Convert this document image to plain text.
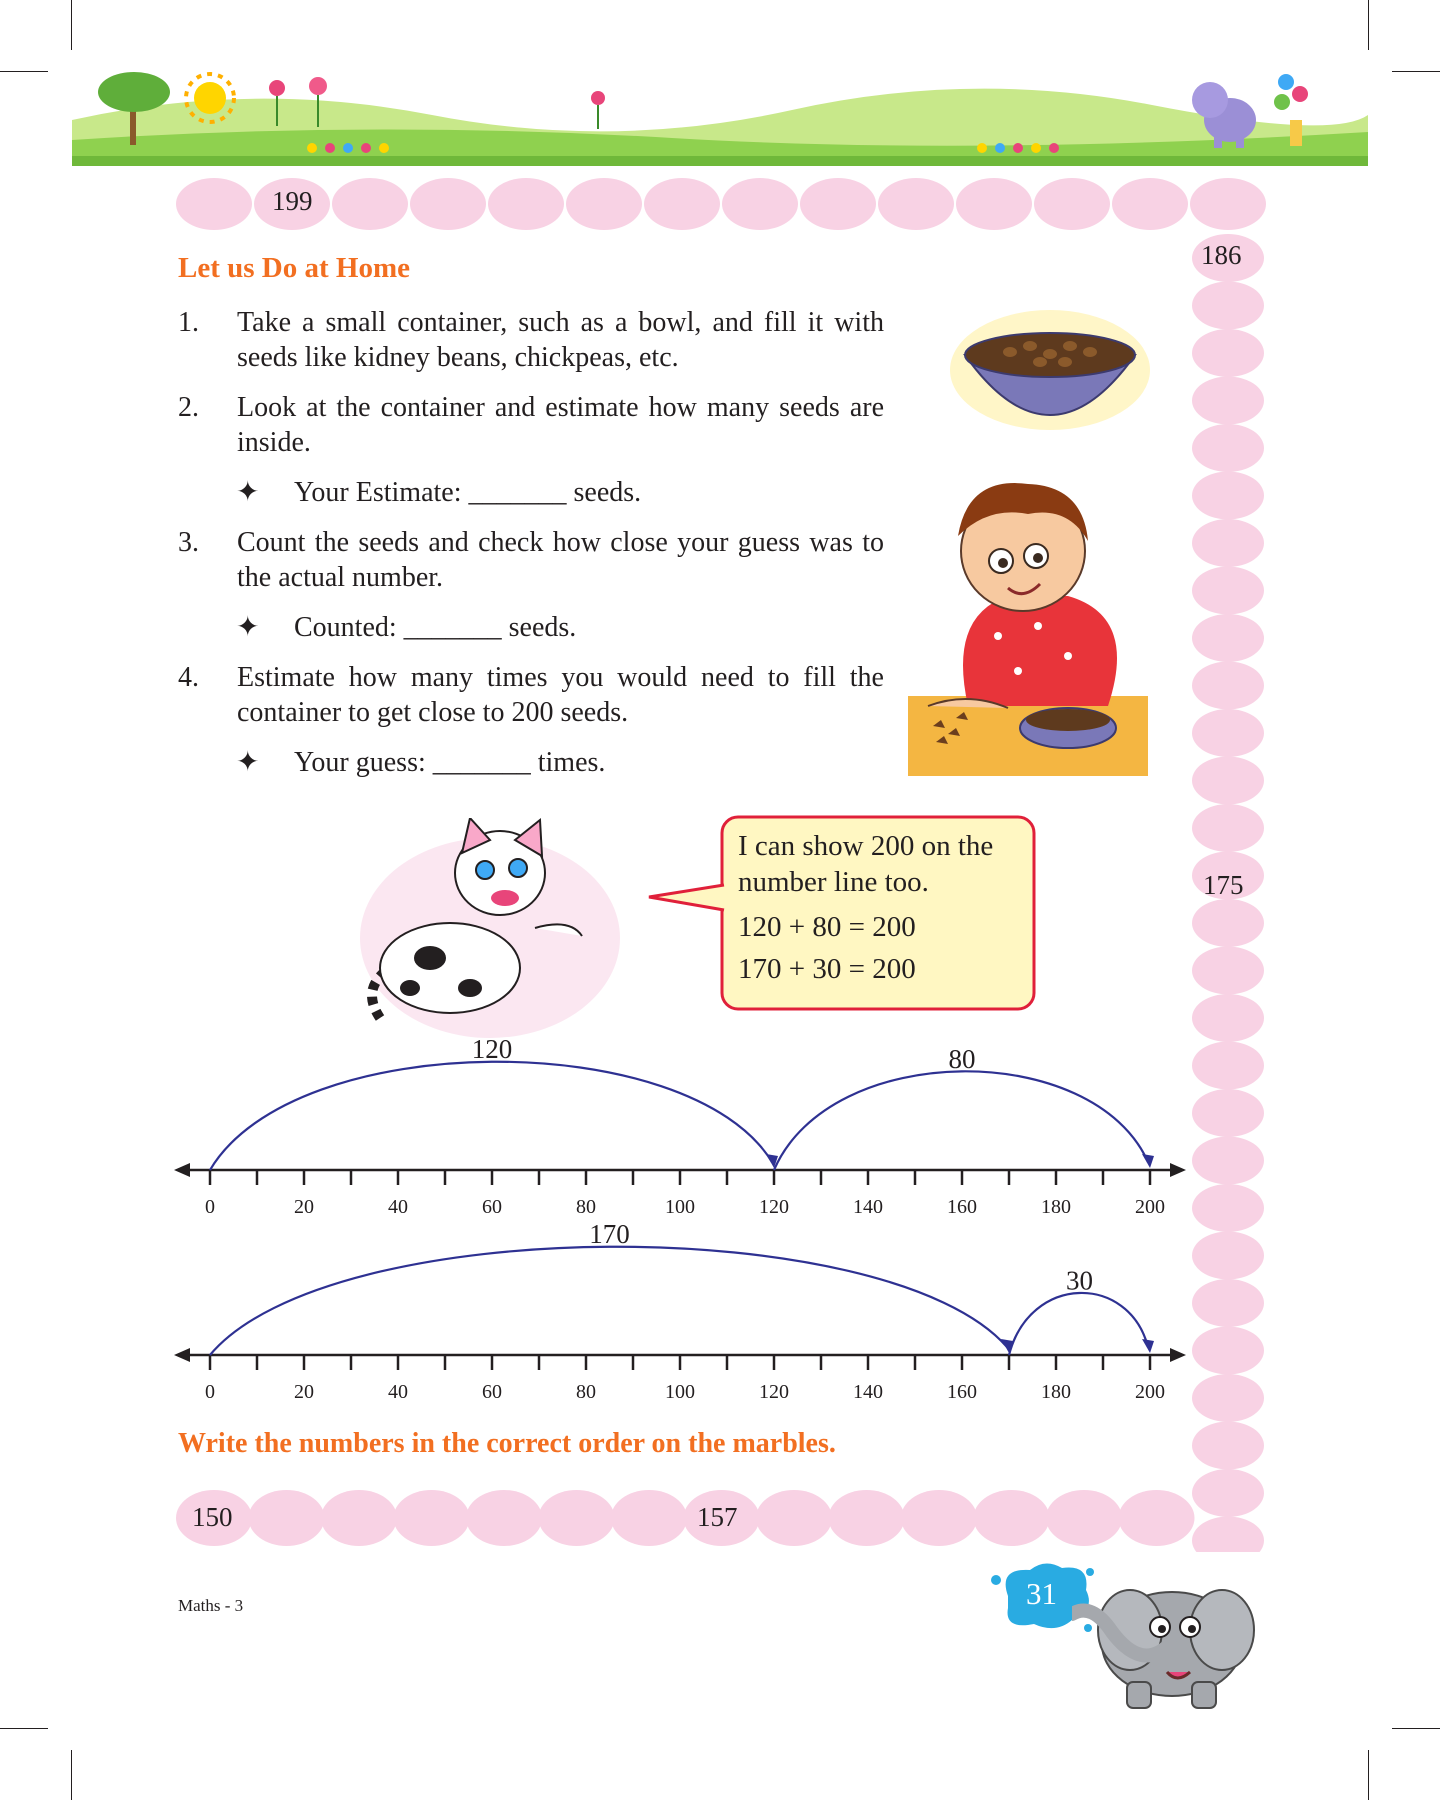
199
186
175
Let us Do at Home
1. Take a small container, such as a bowl, and fill it with seeds like kidney beans, chickpeas, etc.
2. Look at the container and estimate how many seeds are inside.
✦ Your Estimate: _______ seeds.
3. Count the seeds and check how close your guess was to the actual number.
✦ Counted: _______ seeds.
4. Estimate how many times you would need to fill the container to get close to 200 seeds.
✦ Your guess: _______ times.
I can show 200 on the number line too.
120 + 80 = 200
170 + 30 = 200
0	20	40	60	80	100	120	140	160	180	200
120	80
0	20	40	60	80	100	120	140	160	180	200
170
30
Write the numbers in the correct order on the marbles.
150	157
Maths - 3	31
